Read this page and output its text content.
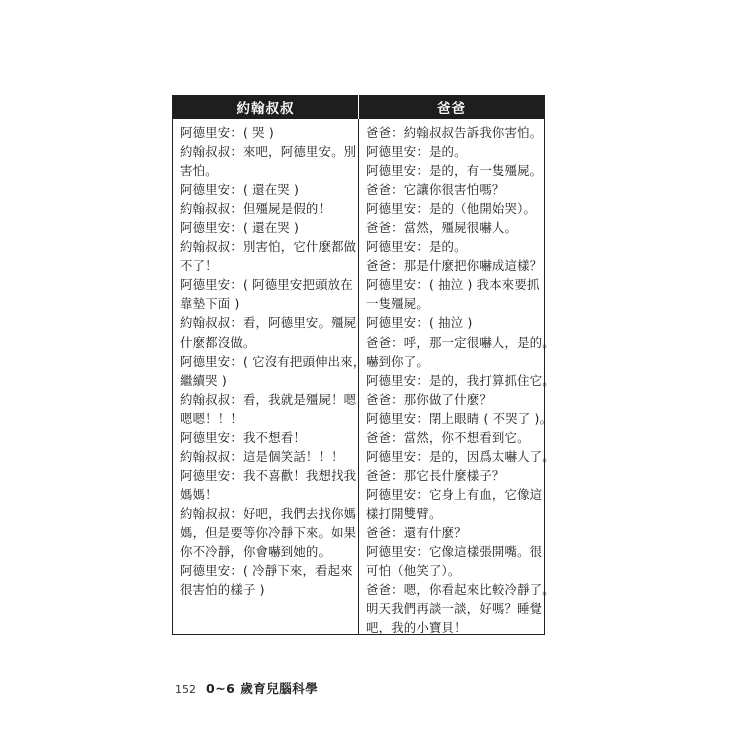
約翰叔叔	爸爸
阿德里安：( 哭 )
約翰叔叔：來吧，阿德里安。別
害怕。
阿德里安：( 還在哭 )
約翰叔叔：但殭屍是假的！
阿德里安：( 還在哭 )
約翰叔叔：別害怕，它什麼都做
不了！
阿德里安：( 阿德里安把頭放在
靠墊下面 )
約翰叔叔：看，阿德里安。殭屍
什麼都沒做。
阿德里安：( 它沒有把頭伸出來，
繼續哭 )
約翰叔叔：看，我就是殭屍！嗯
嗯嗯！！！
阿德里安：我不想看！
約翰叔叔：這是個笑話！！！
阿德里安：我不喜歡！我想找我
媽媽！
約翰叔叔：好吧，我們去找你媽
媽，但是要等你冷靜下來。如果
你不冷靜，你會嚇到她的。
阿德里安：( 冷靜下來，看起來
很害怕的樣子 )
爸爸：約翰叔叔告訴我你害怕。
阿德里安：是的。
阿德里安：是的，有一隻殭屍。
爸爸：它讓你很害怕嗎？
阿德里安：是的（他開始哭）。
爸爸：當然，殭屍很嚇人。
阿德里安：是的。
爸爸：那是什麼把你嚇成這樣？
阿德里安：( 抽泣 ) 我本來要抓
一隻殭屍。
阿德里安：( 抽泣 )
爸爸：呼，那一定很嚇人，是的。
嚇到你了。
阿德里安：是的，我打算抓住它。
爸爸：那你做了什麼？
阿德里安：閉上眼睛 ( 不哭了 )。
爸爸：當然，你不想看到它。
阿德里安：是的，因爲太嚇人了。
爸爸：那它長什麼樣子？
阿德里安：它身上有血，它像這
樣打開雙臂。
爸爸：還有什麼？
阿德里安：它像這樣張開嘴。很
可怕（他笑了）。
爸爸：嗯，你看起來比較冷靜了。
明天我們再談一談，好嗎？睡覺
吧，我的小寶貝！
152 0~6 歲育兒腦科學
